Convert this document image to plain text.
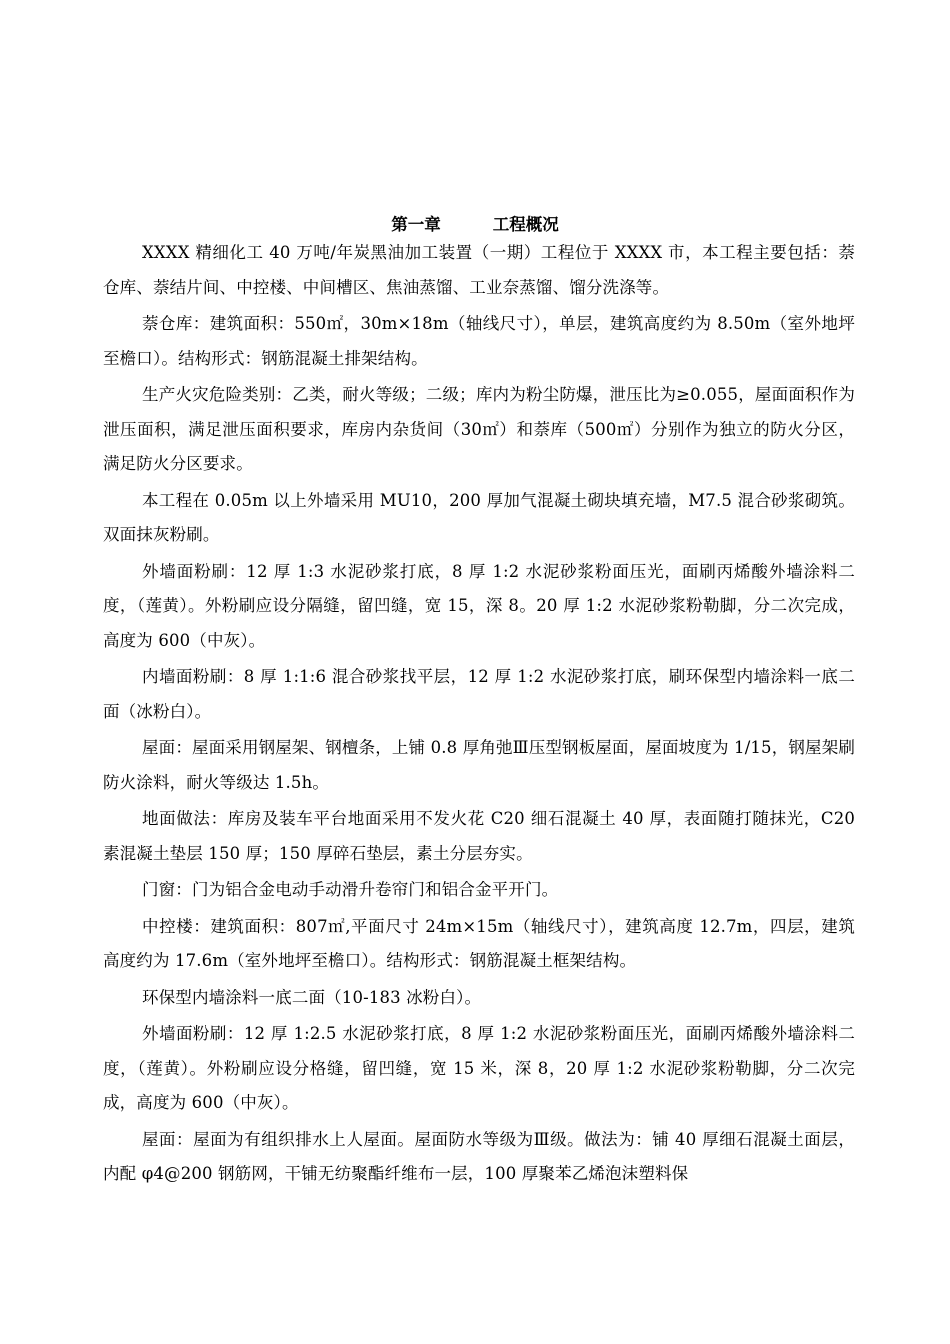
第一章	工程概况

XXXX 精细化工 40 万吨/年炭黑油加工装置（一期）工程位于 XXXX 市，本工程主要包括：萘仓库、萘结片间、中控楼、中间槽区、焦油蒸馏、工业奈蒸馏、馏分洗涤等。

萘仓库：建筑面积：550㎡，30m×18m（轴线尺寸），单层，建筑高度约为 8.50m（室外地坪至檐口）。结构形式：钢筋混凝土排架结构。

生产火灾危险类别：乙类，耐火等级；二级；库内为粉尘防爆，泄压比为≥0.055，屋面面积作为泄压面积，满足泄压面积要求，库房内杂货间（30㎡）和萘库（500㎡）分别作为独立的防火分区，满足防火分区要求。

本工程在 0.05m 以上外墙采用 MU10，200 厚加气混凝土砌块填充墙，M7.5 混合砂浆砌筑。双面抹灰粉刷。

外墙面粉刷：12 厚 1:3 水泥砂浆打底，8 厚 1:2 水泥砂浆粉面压光，面刷丙烯酸外墙涂料二度，（莲黄）。外粉刷应设分隔缝，留凹缝，宽 15，深 8。20 厚 1:2 水泥砂浆粉勒脚，分二次完成，高度为 600（中灰）。

内墙面粉刷：8 厚 1:1:6 混合砂浆找平层，12 厚 1:2 水泥砂浆打底，刷环保型内墙涂料一底二面（冰粉白）。

屋面：屋面采用钢屋架、钢檀条，上铺 0.8 厚角弛Ⅲ压型钢板屋面，屋面坡度为 1/15，钢屋架刷防火涂料，耐火等级达 1.5h。

地面做法：库房及装车平台地面采用不发火花 C20 细石混凝土 40 厚，表面随打随抹光，C20 素混凝土垫层 150 厚；150 厚碎石垫层，素土分层夯实。

门窗：门为铝合金电动手动滑升卷帘门和铝合金平开门。

中控楼：建筑面积：807㎡,平面尺寸 24m×15m（轴线尺寸），建筑高度 12.7m，四层，建筑高度约为 17.6m（室外地坪至檐口）。结构形式：钢筋混凝土框架结构。

环保型内墙涂料一底二面（10-183 冰粉白）。

外墙面粉刷：12 厚 1:2.5 水泥砂浆打底，8 厚 1:2 水泥砂浆粉面压光，面刷丙烯酸外墙涂料二度，（莲黄）。外粉刷应设分格缝，留凹缝，宽 15 米，深 8，20 厚 1:2 水泥砂浆粉勒脚，分二次完成，高度为 600（中灰）。

屋面：屋面为有组织排水上人屋面。屋面防水等级为Ⅲ级。做法为：铺 40 厚细石混凝土面层，内配 φ4@200 钢筋网，干铺无纺聚酯纤维布一层，100 厚聚苯乙烯泡沫塑料保
